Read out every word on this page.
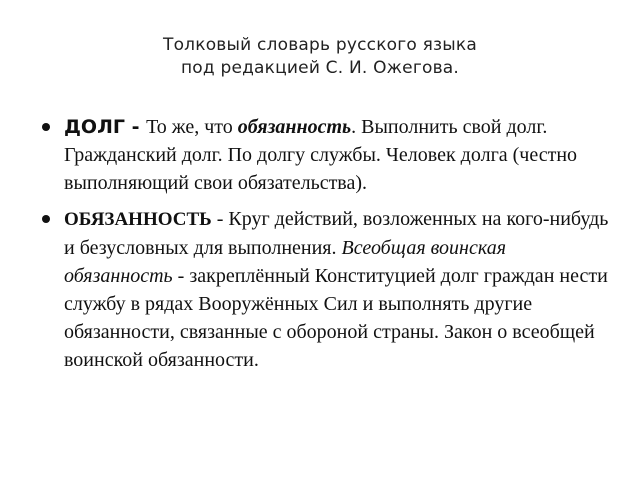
Толковый словарь русского языка
под редакцией С. И. Ожегова.
ДОЛГ - То же, что обязанность. Выполнить свой долг. Гражданский долг. По долгу службы. Человек долга (честно выполняющий свои обязательства).
ОБЯЗАННОСТЬ - Круг действий, возложенных на кого-нибудь и безусловных для выполнения. Всеобщая воинская обязанность - закреплённый Конституцией долг граждан нести службу в рядах Вооружённых Сил и выполнять другие обязанности, связанные с обороной страны. Закон о всеобщей воинской обязанности.
